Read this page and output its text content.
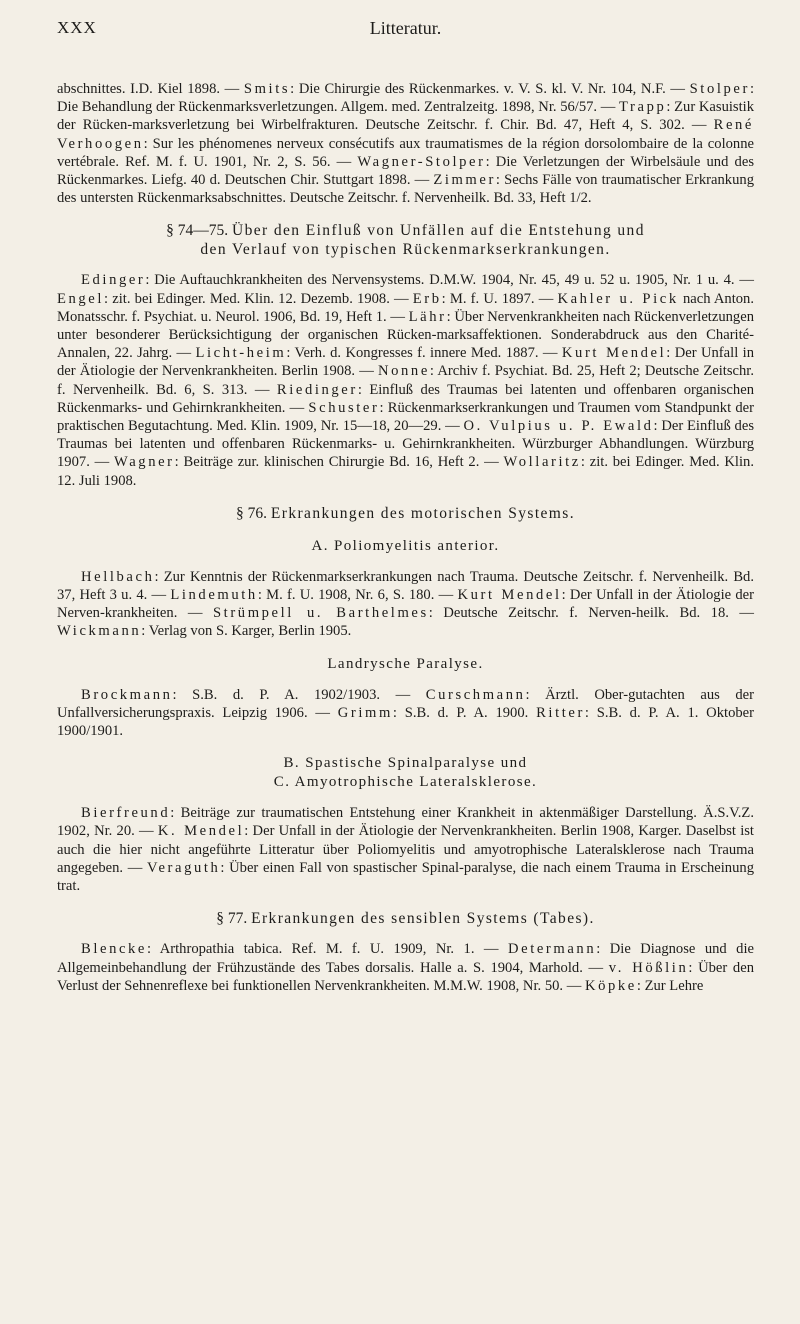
XXX	Litteratur.

abschnittes. I.D. Kiel 1898. — Smits: Die Chirurgie des Rückenmarkes. v. V. S. kl. V. Nr. 104, N.F. — Stolper: Die Behandlung der Rückenmarksverletzungen. Allgem. med. Zentralzeitg. 1898, Nr. 56/57. — Trapp: Zur Kasuistik der Rücken-marksverletzung bei Wirbelfrakturen. Deutsche Zeitschr. f. Chir. Bd. 47, Heft 4, S. 302. — René Verhoogen: Sur les phénomenes nerveux consécutifs aux traumatismes de la région dorsolombaire de la colonne vertébrale. Ref. M. f. U. 1901, Nr. 2, S. 56. — Wagner-Stolper: Die Verletzungen der Wirbelsäule und des Rückenmarkes. Liefg. 40 d. Deutschen Chir. Stuttgart 1898. — Zimmer: Sechs Fälle von traumatischer Erkrankung des untersten Rückenmarksabschnittes. Deutsche Zeitschr. f. Nervenheilk. Bd. 33, Heft 1/2.

§ 74—75. Über den Einfluß von Unfällen auf die Entstehung und
den Verlauf von typischen Rückenmarkserkrankungen.

Edinger: Die Auftauchkrankheiten des Nervensystems. D.M.W. 1904, Nr. 45, 49 u. 52 u. 1905, Nr. 1 u. 4. — Engel: zit. bei Edinger. Med. Klin. 12. Dezemb. 1908. — Erb: M. f. U. 1897. — Kahler u. Pick nach Anton. Monatsschr. f. Psychiat. u. Neurol. 1906, Bd. 19, Heft 1. — Lähr: Über Nervenkrankheiten nach Rückenverletzungen unter besonderer Berücksichtigung der organischen Rücken-marksaffektionen. Sonderabdruck aus den Charité-Annalen, 22. Jahrg. — Licht-heim: Verh. d. Kongresses f. innere Med. 1887. — Kurt Mendel: Der Unfall in der Ätiologie der Nervenkrankheiten. Berlin 1908. — Nonne: Archiv f. Psychiat. Bd. 25, Heft 2; Deutsche Zeitschr. f. Nervenheilk. Bd. 6, S. 313. — Riedinger: Einfluß des Traumas bei latenten und offenbaren organischen Rückenmarks- und Gehirnkrankheiten. — Schuster: Rückenmarkserkrankungen und Traumen vom Standpunkt der praktischen Begutachtung. Med. Klin. 1909, Nr. 15—18, 20—29. — O. Vulpius u. P. Ewald: Der Einfluß des Traumas bei latenten und offenbaren Rückenmarks- u. Gehirnkrankheiten. Würzburger Abhandlungen. Würzburg 1907. — Wagner: Beiträge zur. klinischen Chirurgie Bd. 16, Heft 2. — Wollaritz: zit. bei Edinger. Med. Klin. 12. Juli 1908.

§ 76. Erkrankungen des motorischen Systems.
A. Poliomyelitis anterior.

Hellbach: Zur Kenntnis der Rückenmarkserkrankungen nach Trauma. Deutsche Zeitschr. f. Nervenheilk. Bd. 37, Heft 3 u. 4. — Lindemuth: M. f. U. 1908, Nr. 6, S. 180. — Kurt Mendel: Der Unfall in der Ätiologie der Nerven-krankheiten. — Strümpell u. Barthelmes: Deutsche Zeitschr. f. Nerven-heilk. Bd. 18. — Wickmann: Verlag von S. Karger, Berlin 1905.

Landrysche Paralyse.

Brockmann: S.B. d. P. A. 1902/1903. — Curschmann: Ärztl. Ober-gutachten aus der Unfallversicherungspraxis. Leipzig 1906. — Grimm: S.B. d. P. A. 1900. Ritter: S.B. d. P. A. 1. Oktober 1900/1901.

B. Spastische Spinalparalyse und
C. Amyotrophische Lateralsklerose.

Bierfreund: Beiträge zur traumatischen Entstehung einer Krankheit in aktenmäßiger Darstellung. Ä.S.V.Z. 1902, Nr. 20. — K. Mendel: Der Unfall in der Ätiologie der Nervenkrankheiten. Berlin 1908, Karger. Daselbst ist auch die hier nicht angeführte Litteratur über Poliomyelitis und amyotrophische Lateralsklerose nach Trauma angegeben. — Veraguth: Über einen Fall von spastischer Spinal-paralyse, die nach einem Trauma in Erscheinung trat.

§ 77. Erkrankungen des sensiblen Systems (Tabes).

Blencke: Arthropathia tabica. Ref. M. f. U. 1909, Nr. 1. — Determann: Die Diagnose und die Allgemeinbehandlung der Frühzustände des Tabes dorsalis. Halle a. S. 1904, Marhold. — v. Hößlin: Über den Verlust der Sehnenreflexe bei funktionellen Nervenkrankheiten. M.M.W. 1908, Nr. 50. — Köpke: Zur Lehre
